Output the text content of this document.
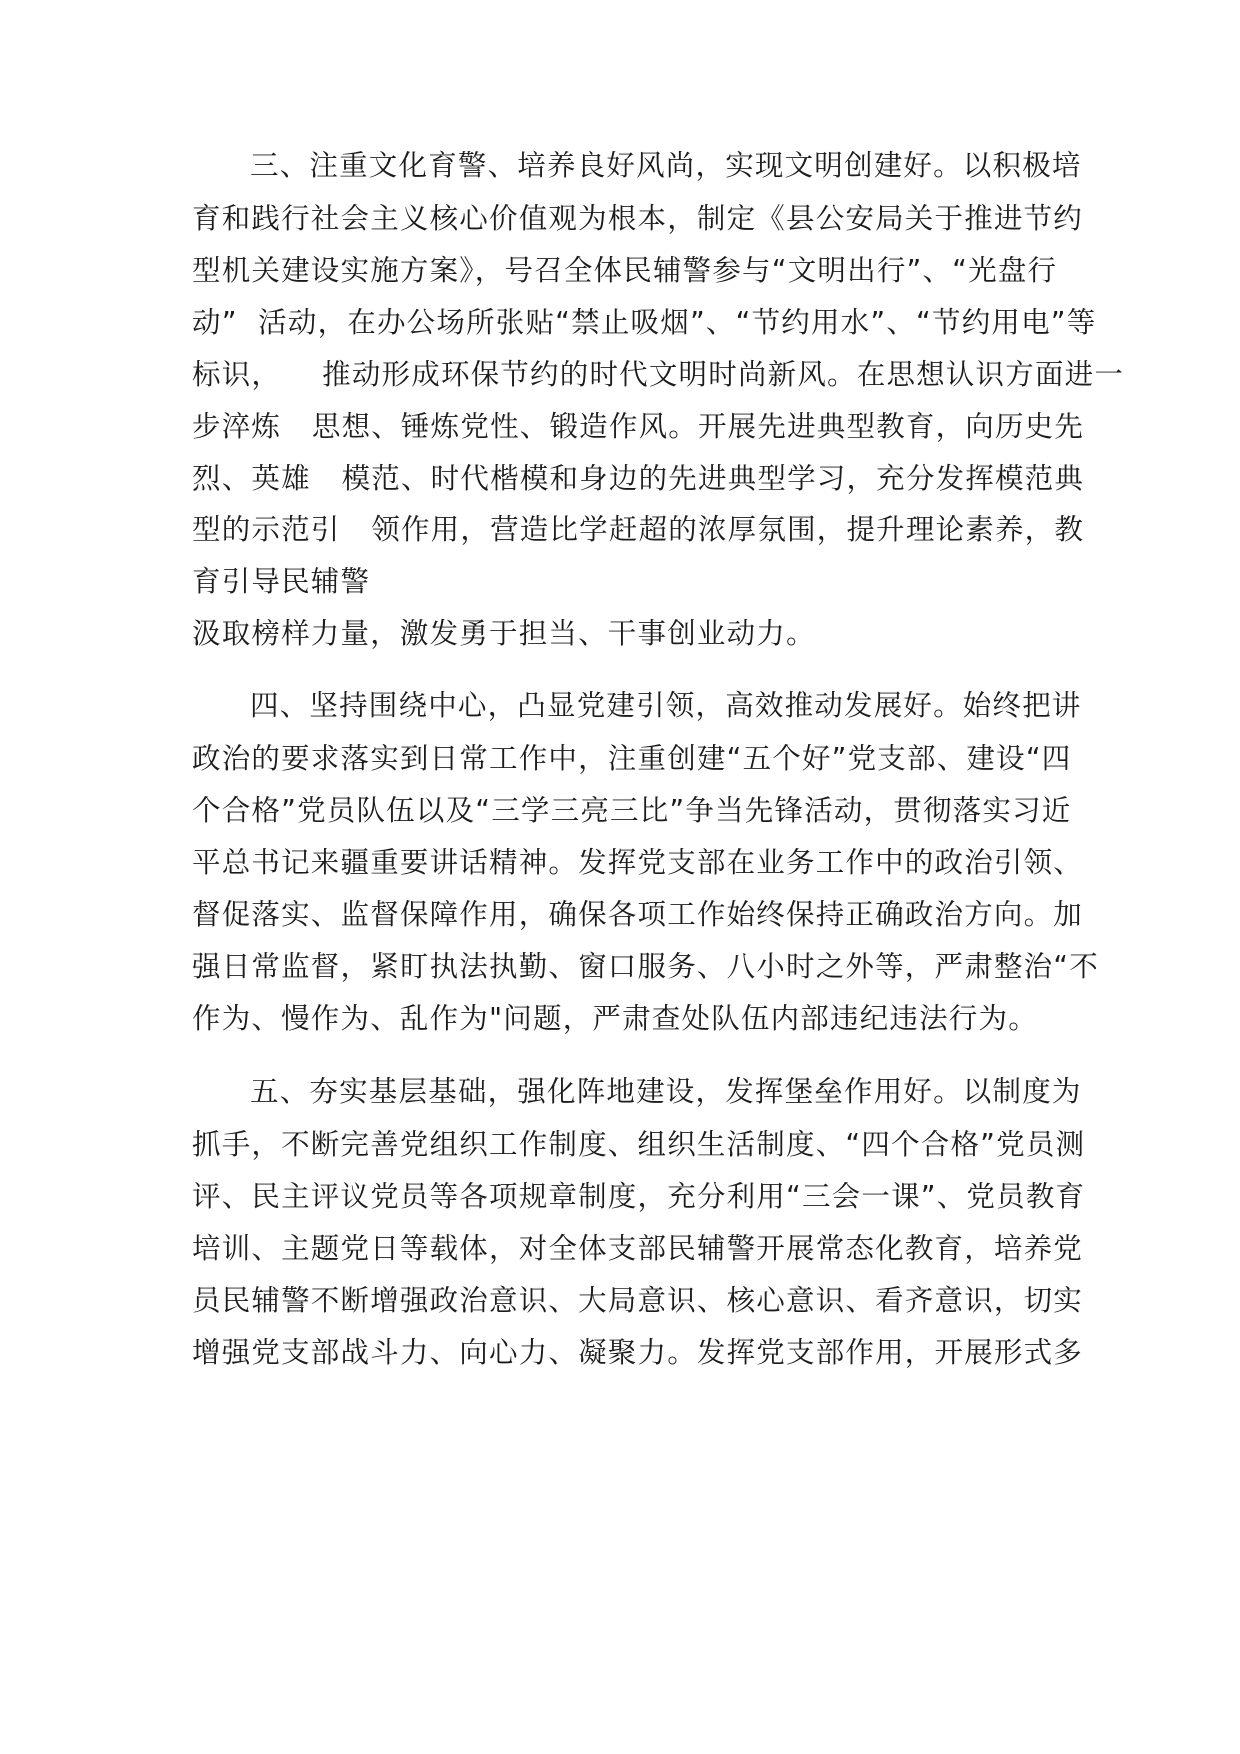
三、注重文化育警、培养良好风尚，实现文明创建好。以积极培

育和践行社会主义核心价值观为根本，制定《县公安局关于推进节约

型机关建设实施方案》，号召全体民辅警参与“文明出行”、“光盘行

动”  活动，在办公场所张贴“禁止吸烟”、“节约用水”、“节约用电”等

标识，    推动形成环保节约的时代文明时尚新风。在思想认识方面进一

步淬炼   思想、锤炼党性、锻造作风。开展先进典型教育，向历史先

烈、英雄   模范、时代楷模和身边的先进典型学习，充分发挥模范典

型的示范引   领作用，营造比学赶超的浓厚氛围，提升理论素养，教

育引导民辅警

汲取榜样力量，激发勇于担当、干事创业动力。

四、坚持围绕中心，凸显党建引领，高效推动发展好。始终把讲

政治的要求落实到日常工作中，注重创建“五个好”党支部、建设“四

个合格”党员队伍以及“三学三亮三比”争当先锋活动，贯彻落实习近

平总书记来疆重要讲话精神。发挥党支部在业务工作中的政治引领、

督促落实、监督保障作用，确保各项工作始终保持正确政治方向。加

强日常监督，紧盯执法执勤、窗口服务、八小时之外等，严肃整治“不

作为、慢作为、乱作为"问题，严肃查处队伍内部违纪违法行为。

五、夯实基层基础，强化阵地建设，发挥堡垒作用好。以制度为

抓手，不断完善党组织工作制度、组织生活制度、“四个合格”党员测

评、民主评议党员等各项规章制度，充分利用“三会一课”、党员教育

培训、主题党日等载体，对全体支部民辅警开展常态化教育，培养党

员民辅警不断增强政治意识、大局意识、核心意识、看齐意识，切实

增强党支部战斗力、向心力、凝聚力。发挥党支部作用，开展形式多
